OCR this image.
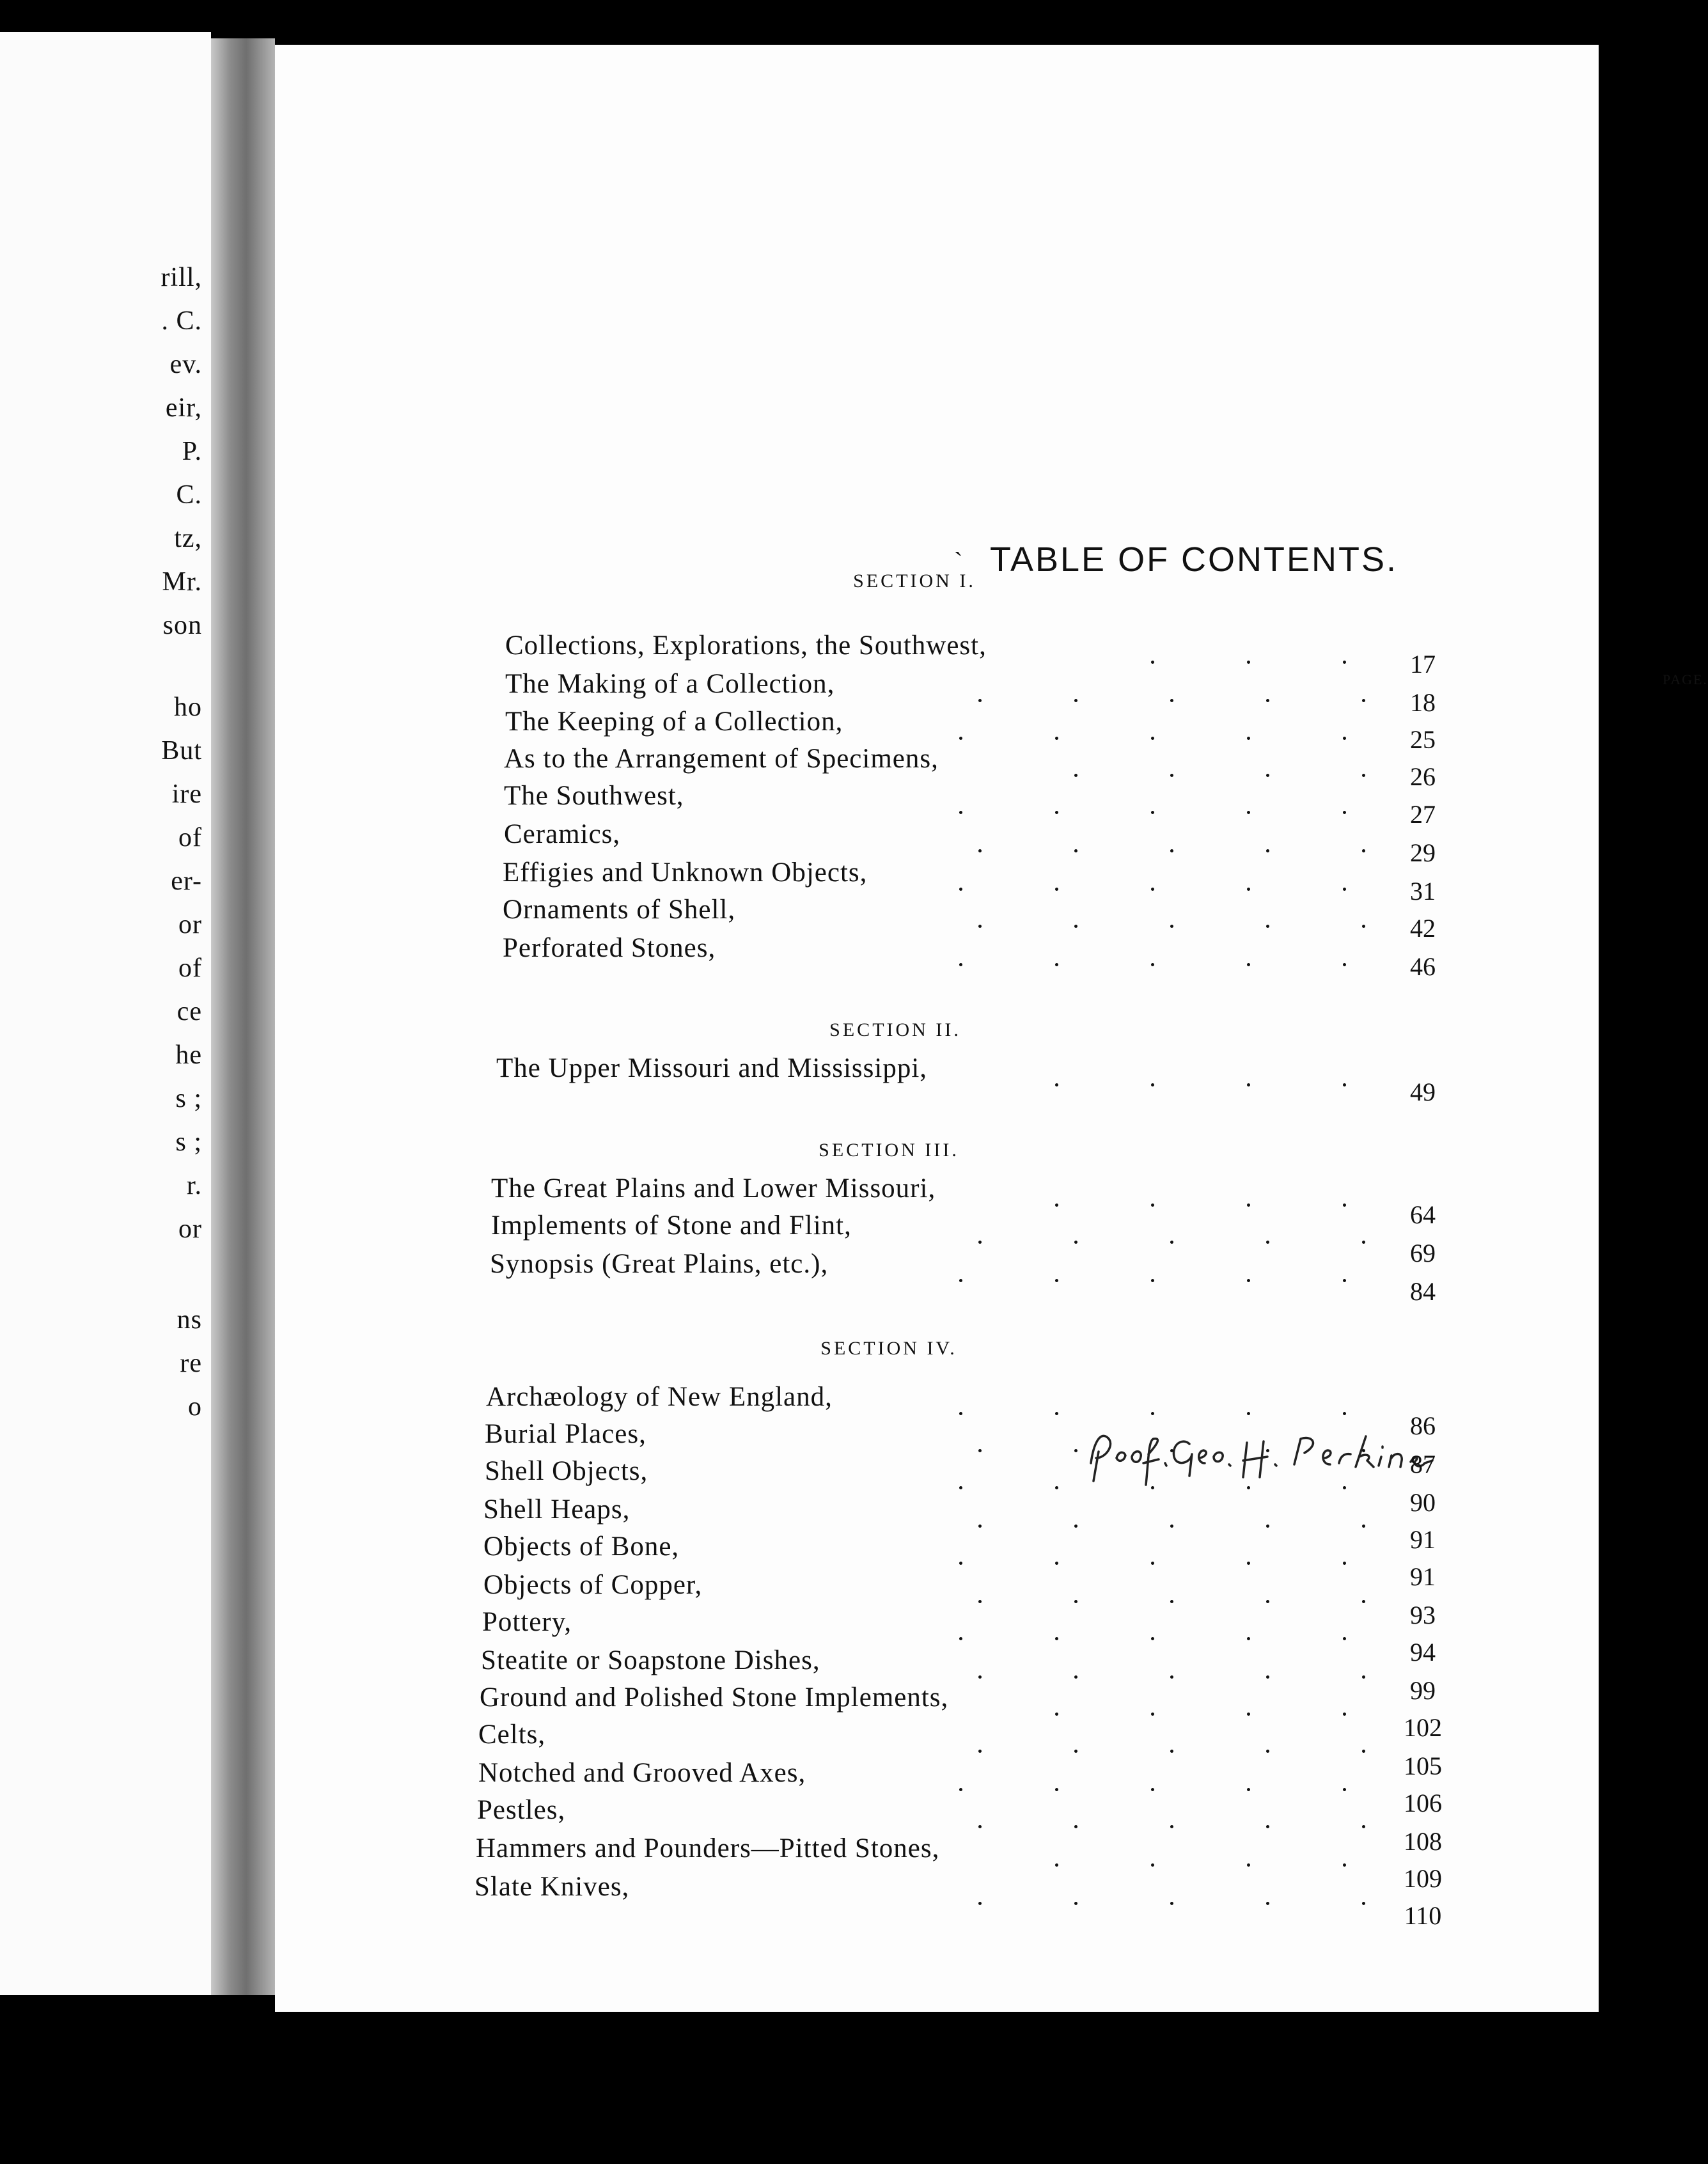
rill,
. C.
ev.
eir,
P.
C.
tz,
Mr.
son
ho
But
ire
of
er-
or
of
ce
he
s ;
s ;
r.
or
ns
re
o
` TABLE OF CONTENTS.
PAGE.
SECTION I.
Collections, Explorations, the Southwest,
17
The Making of a Collection,
18
The Keeping of a Collection,
25
As to the Arrangement of Specimens,
26
The Southwest,
27
Ceramics,
29
Effigies and Unknown Objects,
31
Ornaments of Shell,
42
Perforated Stones,
46
SECTION II.
The Upper Missouri and Mississippi,
49
SECTION III.
The Great Plains and Lower Missouri,
64
Implements of Stone and Flint,
69
Synopsis (Great Plains, etc.),
84
SECTION IV.
Archæology of New England,
86
Burial Places,
87
Shell Objects,
90
Shell Heaps,
91
Objects of Bone,
91
Objects of Copper,
93
Pottery,
94
Steatite or Soapstone Dishes,
99
Ground and Polished Stone Implements,
102
Celts,
105
Notched and Grooved Axes,
106
Pestles,
108
Hammers and Pounders—Pitted Stones,
109
Slate Knives,
110
